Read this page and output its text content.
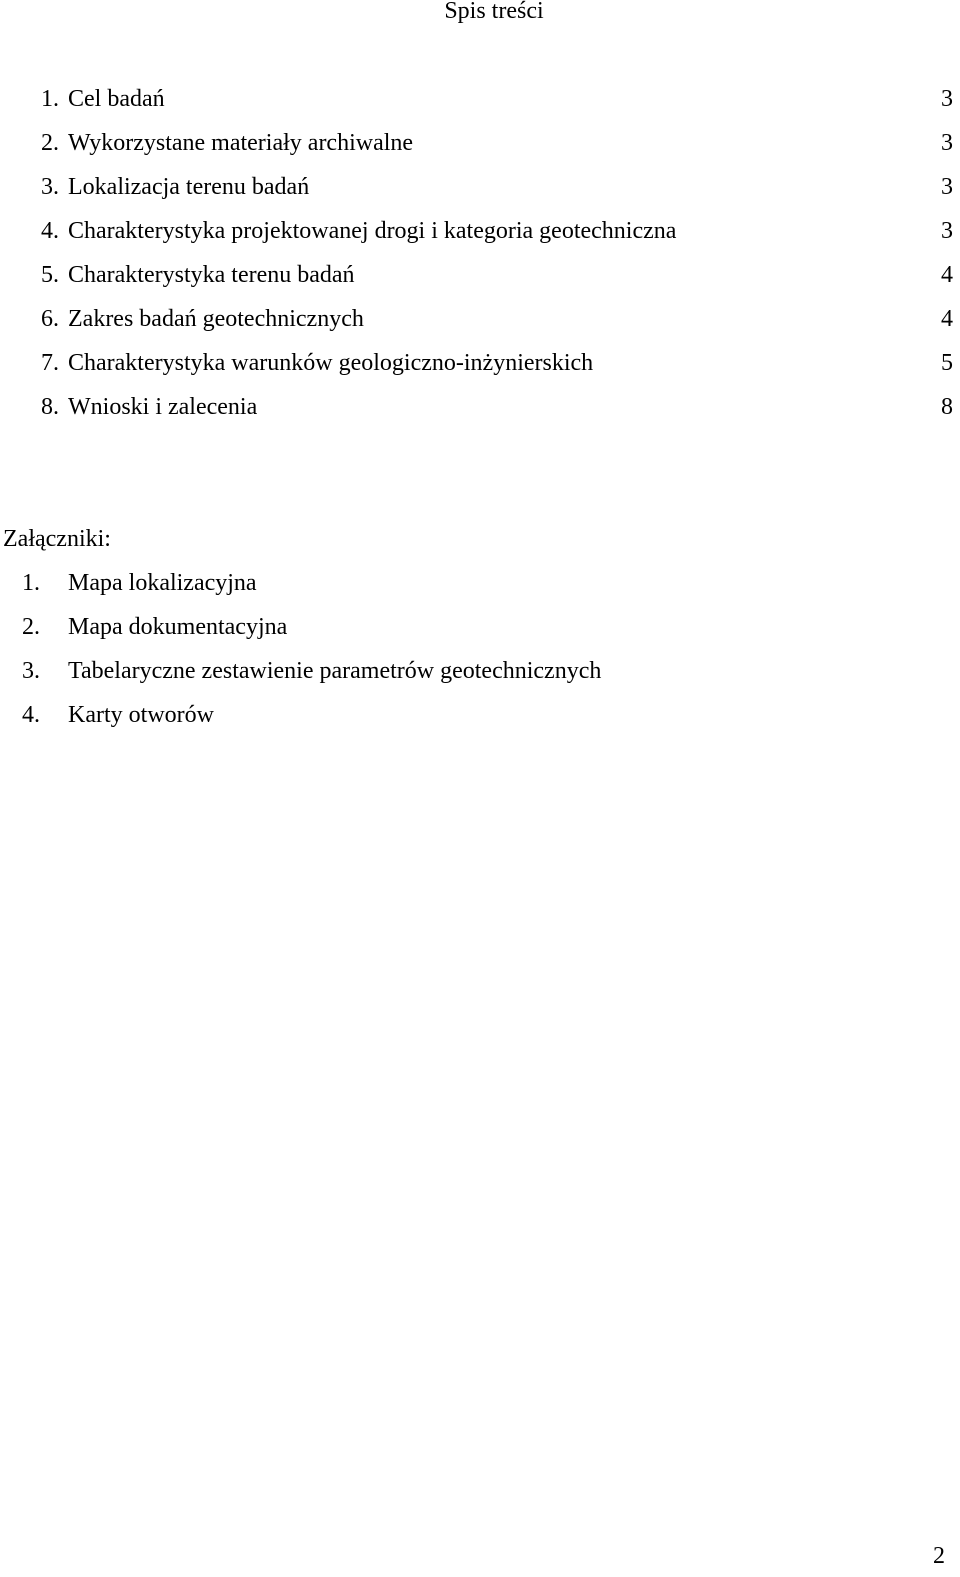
Spis treści
1. Cel badań	3
2. Wykorzystane materiały archiwalne	3
3. Lokalizacja terenu badań	3
4. Charakterystyka projektowanej drogi i kategoria geotechniczna	3
5. Charakterystyka terenu badań	4
6. Zakres badań geotechnicznych	4
7. Charakterystyka warunków geologiczno-inżynierskich	5
8. Wnioski i zalecenia	8
Załączniki:
1. Mapa lokalizacyjna
2. Mapa dokumentacyjna
3. Tabelaryczne zestawienie parametrów geotechnicznych
4. Karty otworów
2
